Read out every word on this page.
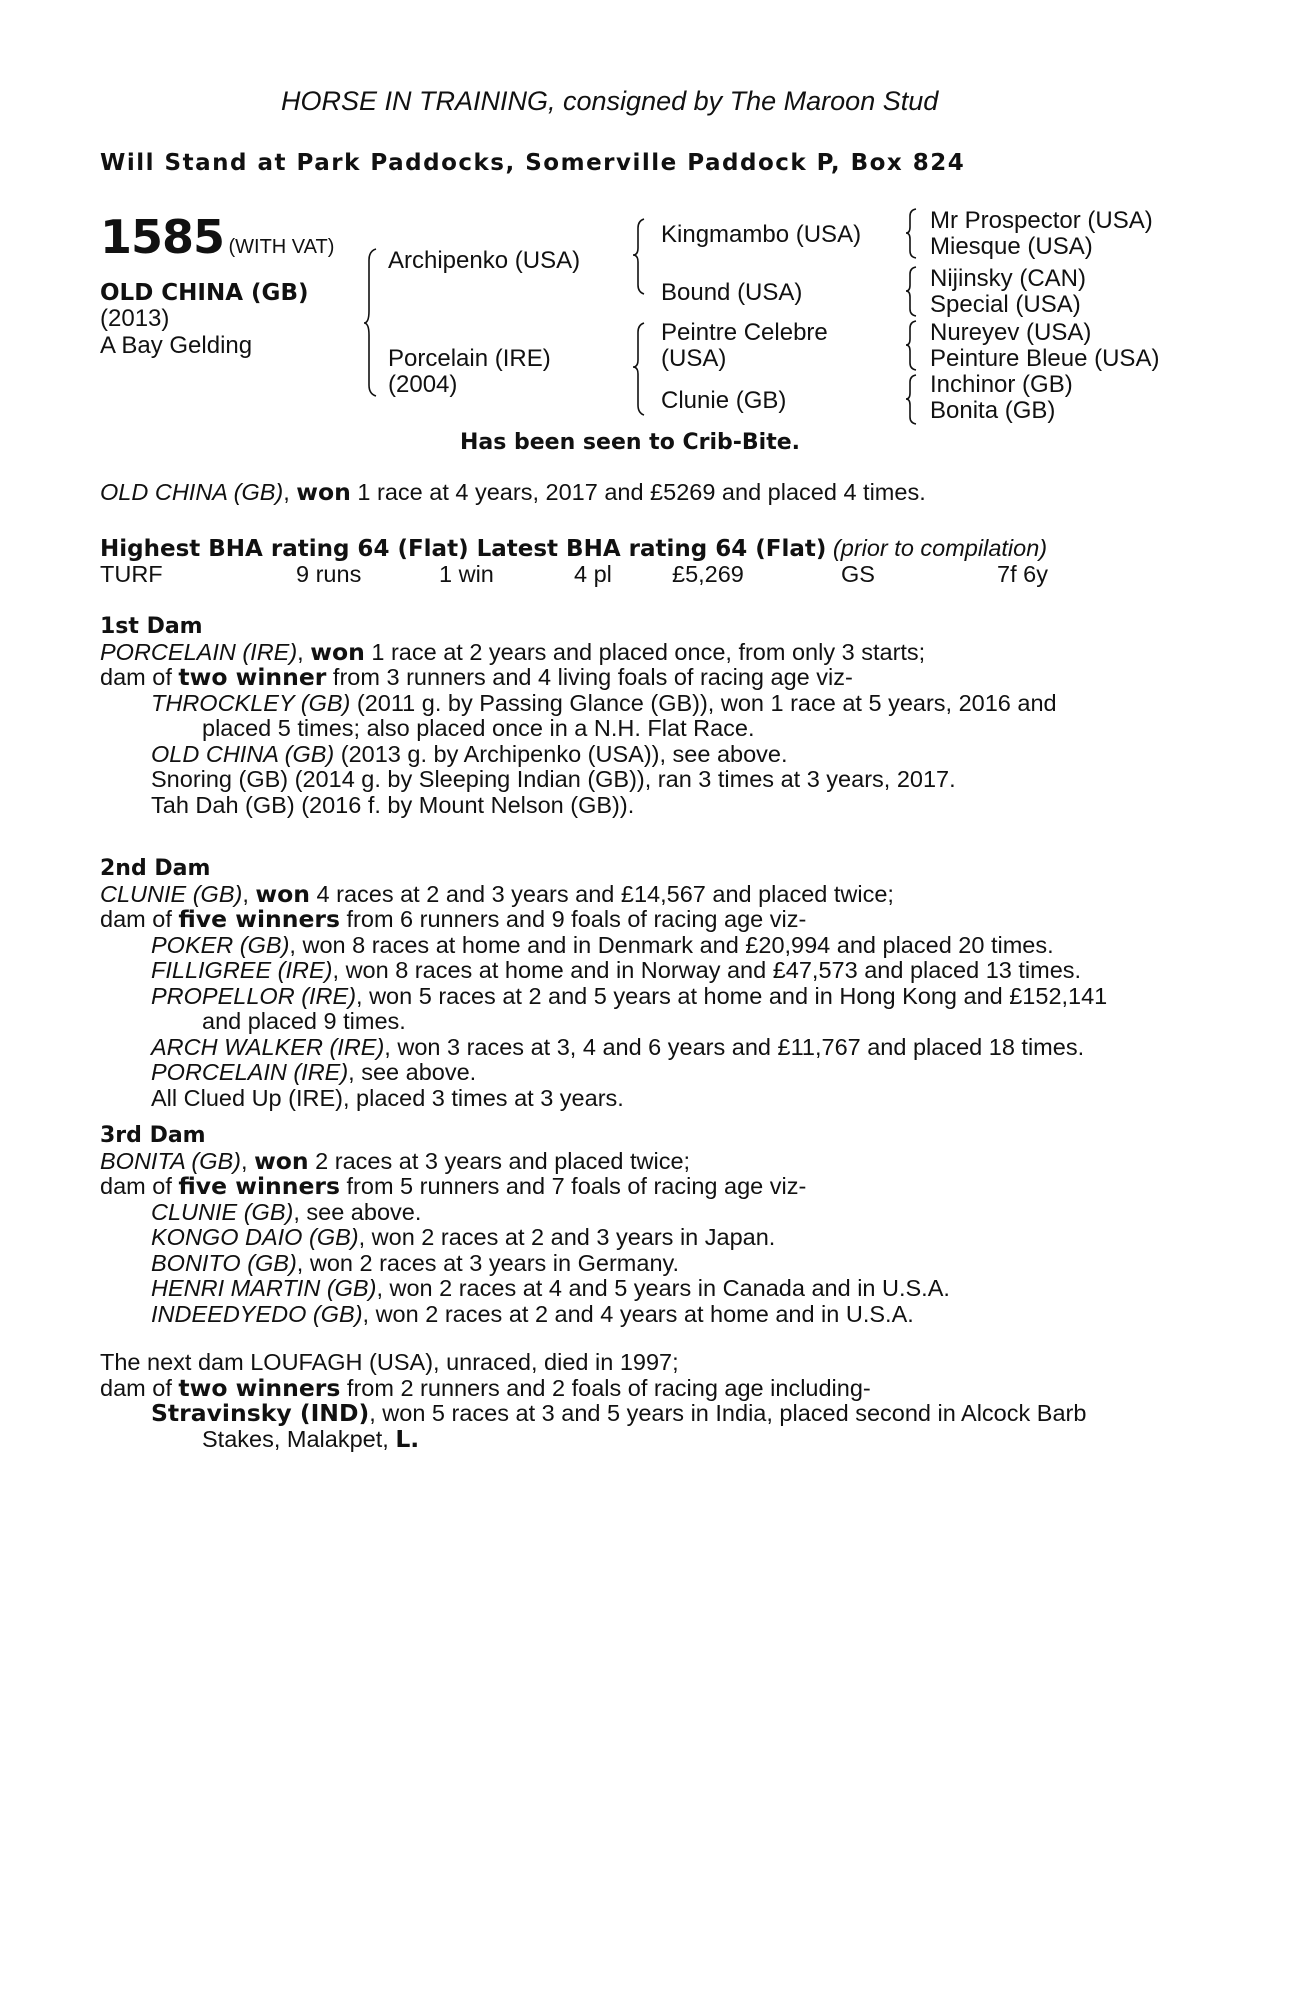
HORSE IN TRAINING, consigned by The Maroon Stud
Will Stand at Park Paddocks, Somerville Paddock P, Box 824
1585 (WITH VAT)
OLD CHINA (GB)
(2013)
A Bay Gelding
Archipenko (USA)
Porcelain (IRE)
(2004)
Kingmambo (USA)
Bound (USA)
Peintre Celebre
(USA)
Clunie (GB)
Mr Prospector (USA)
Miesque (USA)
Nijinsky (CAN)
Special (USA)
Nureyev (USA)
Peinture Bleue (USA)
Inchinor (GB)
Bonita (GB)
Has been seen to Crib-Bite.
OLD CHINA (GB), won 1 race at 4 years, 2017 and £5269 and placed 4 times.
Highest BHA rating 64 (Flat) Latest BHA rating 64 (Flat) (prior to compilation)
TURF	9 runs	1 win	4 pl	£5,269	GS	7f 6y
1st Dam
PORCELAIN (IRE), won 1 race at 2 years and placed once, from only 3 starts;
dam of two winner from 3 runners and 4 living foals of racing age viz-
THROCKLEY (GB) (2011 g. by Passing Glance (GB)), won 1 race at 5 years, 2016 and
placed 5 times; also placed once in a N.H. Flat Race.
OLD CHINA (GB) (2013 g. by Archipenko (USA)), see above.
Snoring (GB) (2014 g. by Sleeping Indian (GB)), ran 3 times at 3 years, 2017.
Tah Dah (GB) (2016 f. by Mount Nelson (GB)).
2nd Dam
CLUNIE (GB), won 4 races at 2 and 3 years and £14,567 and placed twice;
dam of five winners from 6 runners and 9 foals of racing age viz-
POKER (GB), won 8 races at home and in Denmark and £20,994 and placed 20 times.
FILLIGREE (IRE), won 8 races at home and in Norway and £47,573 and placed 13 times.
PROPELLOR (IRE), won 5 races at 2 and 5 years at home and in Hong Kong and £152,141
and placed 9 times.
ARCH WALKER (IRE), won 3 races at 3, 4 and 6 years and £11,767 and placed 18 times.
PORCELAIN (IRE), see above.
All Clued Up (IRE), placed 3 times at 3 years.
3rd Dam
BONITA (GB), won 2 races at 3 years and placed twice;
dam of five winners from 5 runners and 7 foals of racing age viz-
CLUNIE (GB), see above.
KONGO DAIO (GB), won 2 races at 2 and 3 years in Japan.
BONITO (GB), won 2 races at 3 years in Germany.
HENRI MARTIN (GB), won 2 races at 4 and 5 years in Canada and in U.S.A.
INDEEDYEDO (GB), won 2 races at 2 and 4 years at home and in U.S.A.
The next dam LOUFAGH (USA), unraced, died in 1997;
dam of two winners from 2 runners and 2 foals of racing age including-
Stravinsky (IND), won 5 races at 3 and 5 years in India, placed second in Alcock Barb
Stakes, Malakpet, L.
